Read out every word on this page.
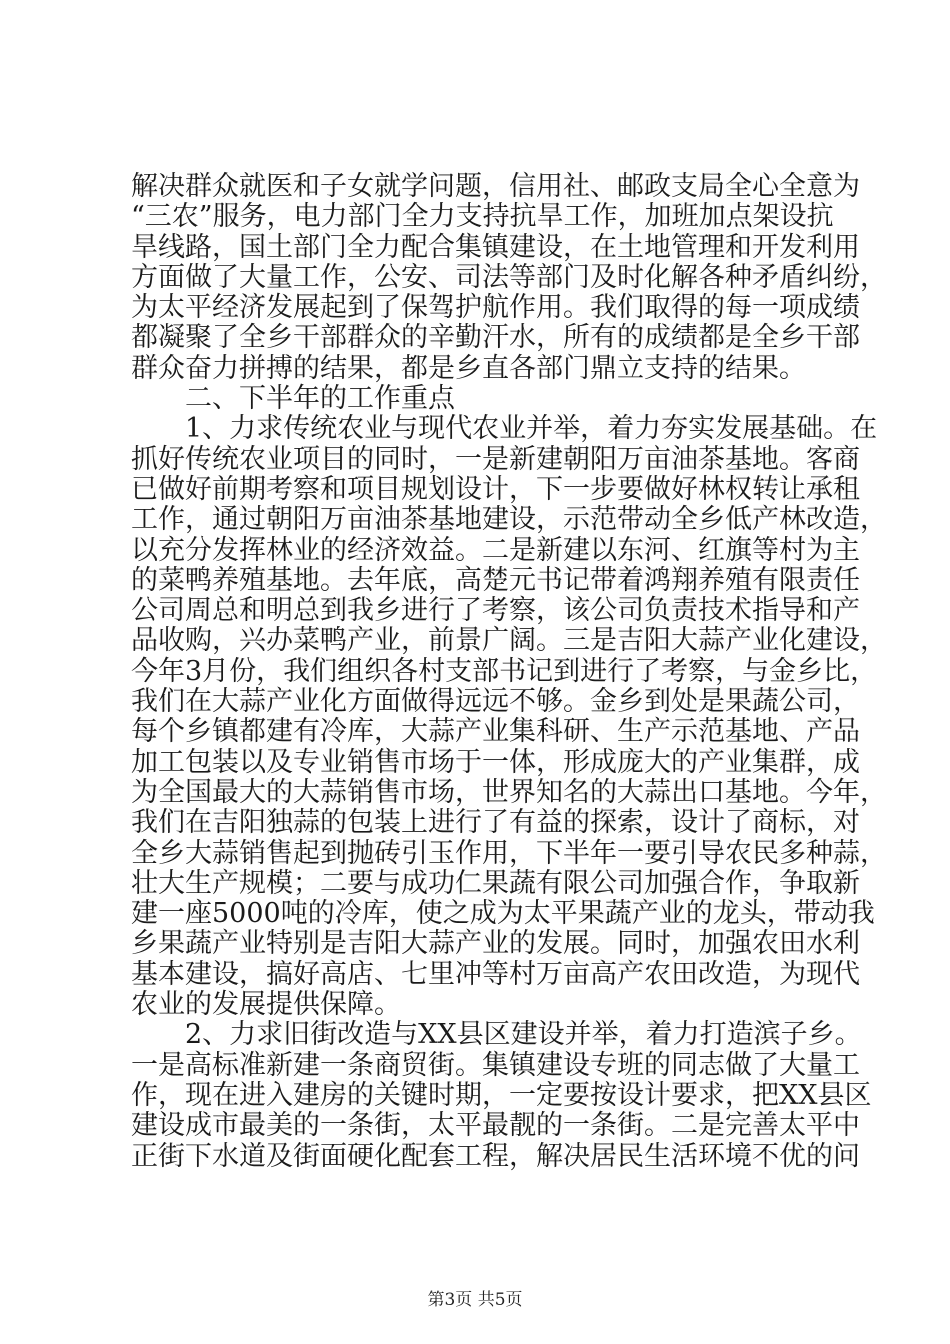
解决群众就医和子女就学问题，信用社、邮政支局全心全意为
“三农”服务，电力部门全力支持抗旱工作，加班加点架设抗
旱线路，国土部门全力配合集镇建设，在土地管理和开发利用
方面做了大量工作，公安、司法等部门及时化解各种矛盾纠纷，
为太平经济发展起到了保驾护航作用。我们取得的每一项成绩
都凝聚了全乡干部群众的辛勤汗水，所有的成绩都是全乡干部
群众奋力拼搏的结果，都是乡直各部门鼎立支持的结果。
　　二、下半年的工作重点
　　1、力求传统农业与现代农业并举，着力夯实发展基础。在
抓好传统农业项目的同时，一是新建朝阳万亩油茶基地。客商
已做好前期考察和项目规划设计，下一步要做好林权转让承租
工作，通过朝阳万亩油茶基地建设，示范带动全乡低产林改造，
以充分发挥林业的经济效益。二是新建以东河、红旗等村为主
的菜鸭养殖基地。去年底，高楚元书记带着鸿翔养殖有限责任
公司周总和明总到我乡进行了考察，该公司负责技术指导和产
品收购，兴办菜鸭产业，前景广阔。三是吉阳大蒜产业化建设，
今年3月份，我们组织各村支部书记到进行了考察，与金乡比，
我们在大蒜产业化方面做得远远不够。金乡到处是果蔬公司，
每个乡镇都建有冷库，大蒜产业集科研、生产示范基地、产品
加工包装以及专业销售市场于一体，形成庞大的产业集群，成
为全国最大的大蒜销售市场，世界知名的大蒜出口基地。今年，
我们在吉阳独蒜的包装上进行了有益的探索，设计了商标，对
全乡大蒜销售起到抛砖引玉作用，下半年一要引导农民多种蒜，
壮大生产规模；二要与成功仁果蔬有限公司加强合作，争取新
建一座5000吨的冷库，使之成为太平果蔬产业的龙头，带动我
乡果蔬产业特别是吉阳大蒜产业的发展。同时，加强农田水利
基本建设，搞好高店、七里冲等村万亩高产农田改造，为现代
农业的发展提供保障。
　　2、力求旧街改造与XX县区建设并举，着力打造滨子乡。
一是高标准新建一条商贸街。集镇建设专班的同志做了大量工
作，现在进入建房的关键时期，一定要按设计要求，把XX县区
建设成市最美的一条街，太平最靓的一条街。二是完善太平中
正街下水道及街面硬化配套工程，解决居民生活环境不优的问
第3页 共5页
